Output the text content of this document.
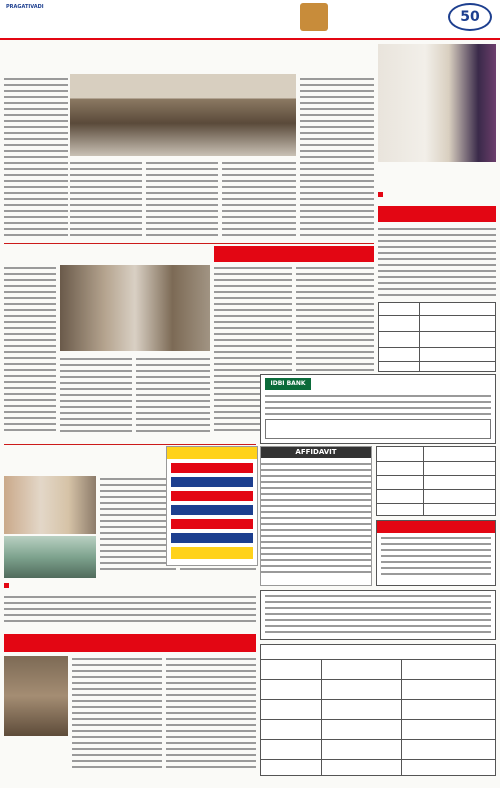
PRAGATIVADI
50
AFFIDAVIT
IDBI BANK
